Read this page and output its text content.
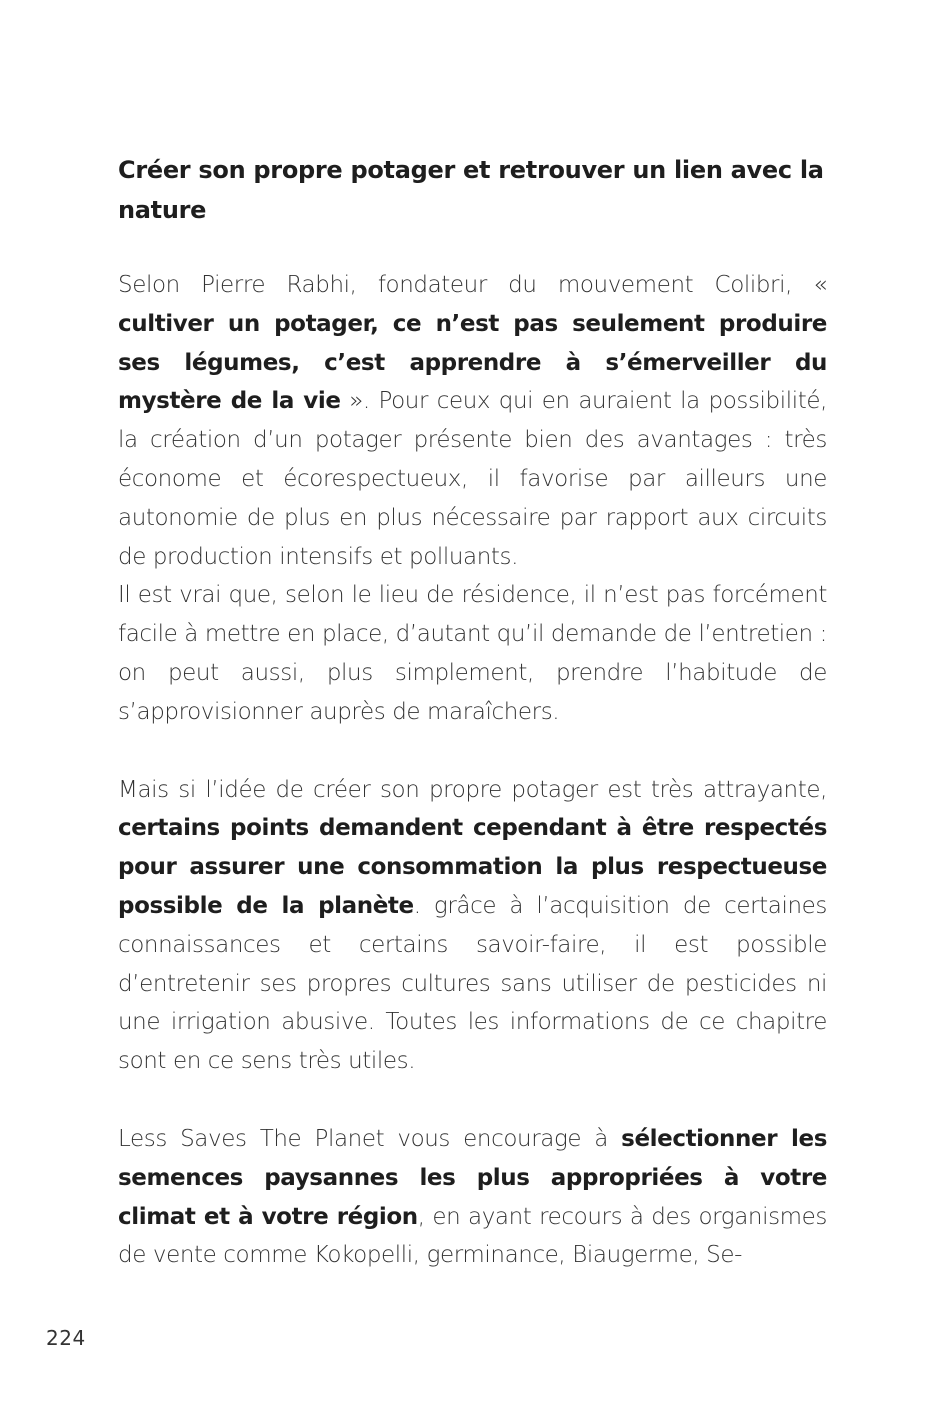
Créer son propre potager et retrouver un lien avec la nature

Selon Pierre Rabhi, fondateur du mouvement Colibri, « cultiver un potager, ce n’est pas seulement produire ses légumes, c’est apprendre à s’émerveiller du mystère de la vie ». Pour ceux qui en auraient la possibilité, la création d’un potager présente bien des avantages : très économe et écorespectueux, il favorise par ailleurs une autonomie de plus en plus nécessaire par rapport aux circuits de production intensifs et polluants.

Il est vrai que, selon le lieu de résidence, il n’est pas forcément facile à mettre en place, d’autant qu’il demande de l’entretien : on peut aussi, plus simplement, prendre l’habitude de s’approvisionner auprès de maraîchers.

Mais si l’idée de créer son propre potager est très attrayante, certains points demandent cependant à être respectés pour assurer une consommation la plus respectueuse possible de la planète. grâce à l’acquisition de certaines connaissances et certains savoir-faire, il est possible d’entretenir ses propres cultures sans utiliser de pesticides ni une irrigation abusive. Toutes les informations de ce chapitre sont en ce sens très utiles.

Less Saves The Planet vous encourage à sélectionner les semences paysannes les plus appropriées à votre climat et à votre région, en ayant recours à des organismes de vente comme Kokopelli, germinance, Biaugerme, Se-

224
